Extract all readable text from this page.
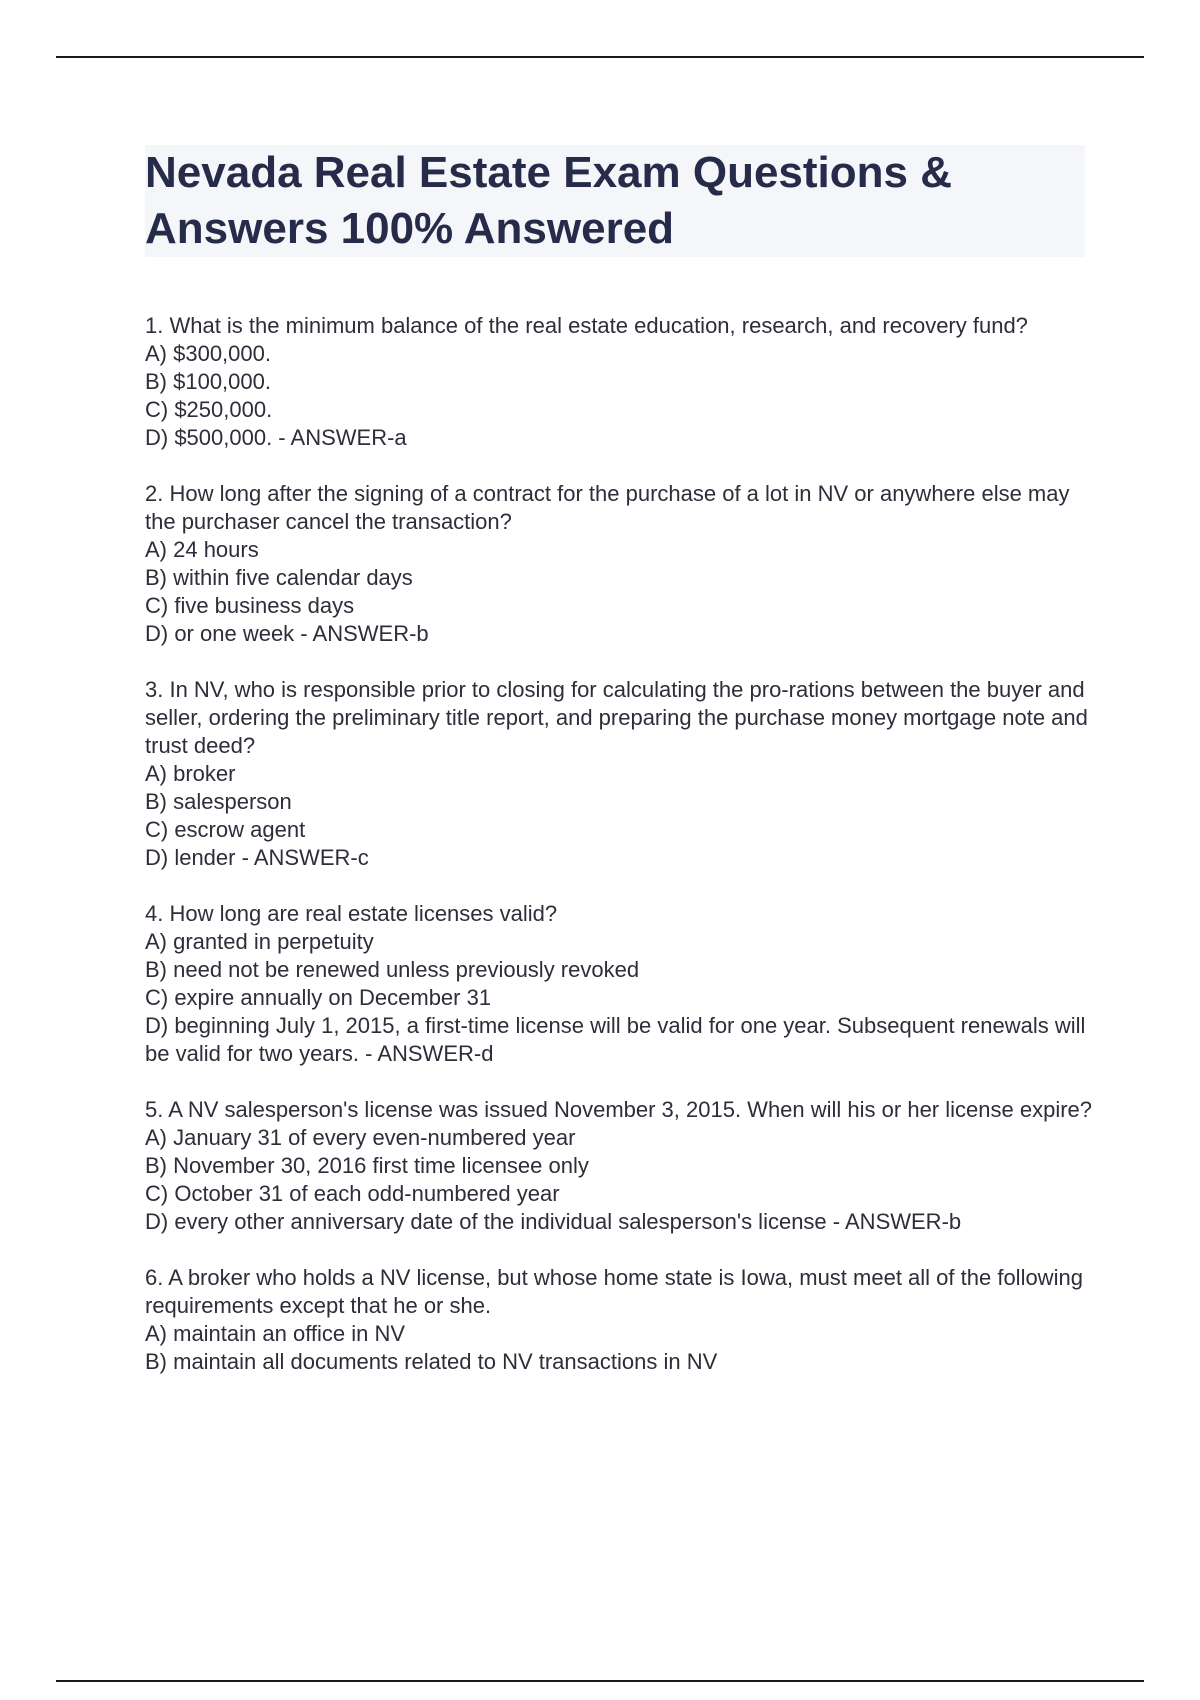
Nevada Real Estate Exam Questions & Answers 100% Answered
1. What is the minimum balance of the real estate education, research, and recovery fund?
A) $300,000.
B) $100,000.
C) $250,000.
D) $500,000. - ANSWER-a
2. How long after the signing of a contract for the purchase of a lot in NV or anywhere else may the purchaser cancel the transaction?
A) 24 hours
B) within five calendar days
C) five business days
D) or one week - ANSWER-b
3. In NV, who is responsible prior to closing for calculating the pro-rations between the buyer and seller, ordering the preliminary title report, and preparing the purchase money mortgage note and trust deed?
A) broker
B) salesperson
C) escrow agent
D) lender - ANSWER-c
4. How long are real estate licenses valid?
A) granted in perpetuity
B) need not be renewed unless previously revoked
C) expire annually on December 31
D) beginning July 1, 2015, a first-time license will be valid for one year. Subsequent renewals will be valid for two years. - ANSWER-d
5. A NV salesperson's license was issued November 3, 2015. When will his or her license expire?
A) January 31 of every even-numbered year
B) November 30, 2016 first time licensee only
C) October 31 of each odd-numbered year
D) every other anniversary date of the individual salesperson's license - ANSWER-b
6. A broker who holds a NV license, but whose home state is Iowa, must meet all of the following requirements except that he or she.
A) maintain an office in NV
B) maintain all documents related to NV transactions in NV
